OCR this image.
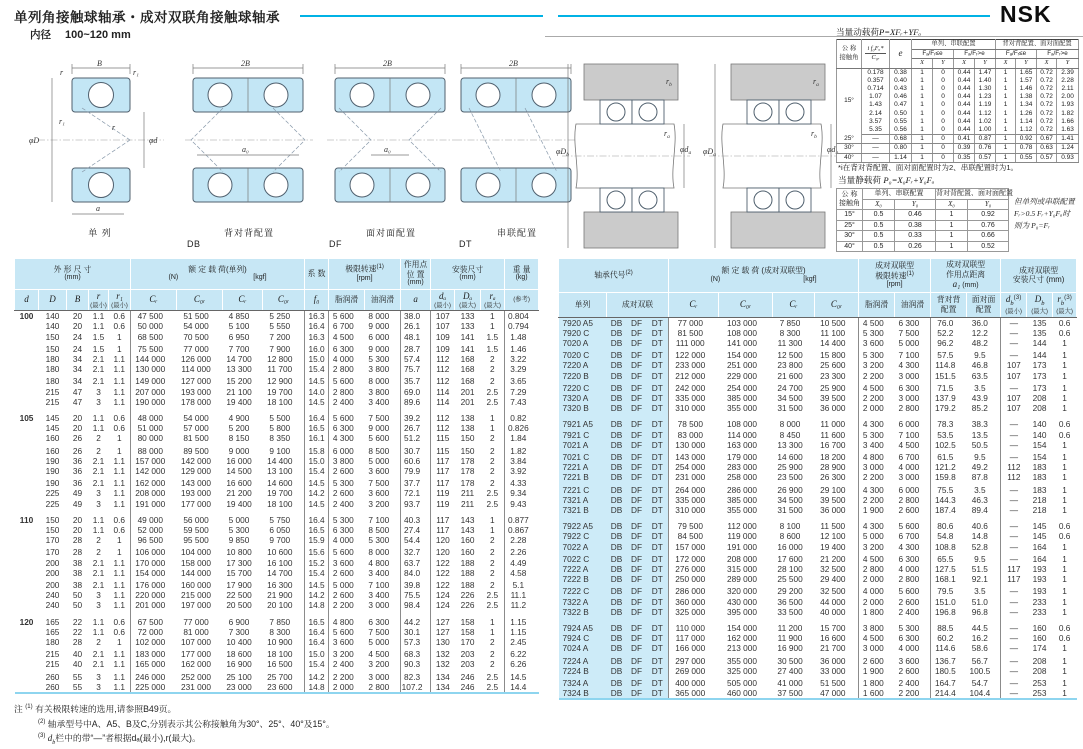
单列角接触球轴承・成对双联角接触球轴承	NSK
内径 100~120 mm
B
r	r₁
r₁
r
φD	φd
a
2B
a₀
2B
a₀
2B
单 列	背对背配置
DB
面对面配置
DF
串联配置
DT
$\varphi D_b$
$\varphi d_a$
$r_b$
$r_a$
$\varphi D_a$
$\varphi d_b$
$r_a$
$r_b$
当量动载荷P=XFᵣ+YFₐ
公 称
接触角	$\frac{\text{i f₀Fₐ*}}{\text{C₀ᵣ}}$	e	单列、串联配置	背对背配置、面对面配置
			Fₐ/Fᵣ≤e		Fₐ/Fᵣ>e		Fₐ/Fᵣ≤e		Fₐ/Fᵣ>e	
			X	Y	X	Y	X	Y	X	Y
15°	0.178	0.38	1	0	0.44	1.47	1	1.65	0.72	2.39
	0.357	0.40	1	0	0.44	1.40	1	1.57	0.72	2.28
	0.714	0.43	1	0	0.44	1.30	1	1.46	0.72	2.11
	1.07	0.46	1	0	0.44	1.23	1	1.38	0.72	2.00
	1.43	0.47	1	0	0.44	1.19	1	1.34	0.72	1.93
	2.14	0.50	1	0	0.44	1.12	1	1.26	0.72	1.82
	3.57	0.55	1	0	0.44	1.02	1	1.14	0.72	1.66
	5.35	0.56	1	0	0.44	1.00	1	1.12	0.72	1.63
25°	—	0.68	1	0	0.41	0.87	1	0.92	0.67	1.41
30°	—	0.80	1	0	0.39	0.76	1	0.78	0.63	1.24
40°	—	1.14	1	0	0.35	0.57	1	0.55	0.57	0.93
*i在背对背配置、面对面配置时为2、串联配置时为1。
当量静载荷 P₀=X₀Fᵣ+Y₀Fₐ
公 称
接触角	单列、串联配置		背对背配置、面对面配置	
	X₀	Y₀	X₀	Y₀
15°	0.5	0.46	1	0.92
25°	0.5	0.38	1	0.76
30°	0.5	0.33	1	0.66
40°	0.5	0.26	1	0.52
但单列或串联配置
Fᵣ>0.5 Fᵣ+Y₀Fₐ时
则为 P₀=Fᵣ
外 形 尺 寸
(mm)

额 定 载 荷(单列)
(N)	[kgf]	系 数	极限转速$^{(1)}$
[rpm]

作用点
位 置
(mm)

安装尺寸
(mm)

重 量
(kg)

d	D	B	r
(最小)	r₁
(最小)	Cᵣ	C₀ᵣ	Cᵣ	C₀ᵣ	f₀	脂润滑	油润滑	a	dₐ
(最小)	Dₐ
(最大)	rₐ
(最大)	(参考)

100	140	20	1.1	0.6	47 500	51 500	4 850	5 250	16.3	5 600	8 000	38.0	107	133	1	0.804
	140	20	1.1	0.6	50 000	54 000	5 100	5 550	16.4	6 700	9 000	26.1	107	133	1	0.794
	150	24	1.5	1	68 500	70 500	6 950	7 200	16.3	4 500	6 000	48.1	109	141	1.5	1.48
	150	24	1.5	1	75 500	77 000	7 700	7 900	16.0	6 300	9 000	28.7	109	141	1.5	1.46
	180	34	2.1	1.1	144 000	126 000	14 700	12 800	15.0	4 000	5 300	57.4	112	168	2	3.22
	180	34	2.1	1.1	130 000	114 000	13 300	11 700	15.4	2 800	3 800	75.7	112	168	2	3.29
	180	34	2.1	1.1	149 000	127 000	15 200	12 900	14.5	5 600	8 000	35.7	112	168	2	3.65
	215	47	3	1.1	207 000	193 000	21 100	19 700	14.0	2 800	3 800	69.0	114	201	2.5	7.29
	215	47	3	1.1	190 000	178 000	19 400	18 100	14.5	2 400	3 400	89.6	114	201	2.5	7.43
105	145	20	1.1	0.6	48 000	54 000	4 900	5 500	16.4	5 600	7 500	39.2	112	138	1	0.82
	145	20	1.1	0.6	51 000	57 000	5 200	5 800	16.5	6 300	9 000	26.7	112	138	1	0.826
	160	26	2	1	80 000	81 500	8 150	8 350	16.1	4 300	5 600	51.2	115	150	2	1.84
	160	26	2	1	88 000	89 500	9 000	9 100	15.8	6 000	8 500	30.7	115	150	2	1.82
	190	36	2.1	1.1	157 000	142 000	16 000	14 400	15.0	3 800	5 000	60.6	117	178	2	3.84
	190	36	2.1	1.1	142 000	129 000	14 500	13 100	15.4	2 600	3 600	79.9	117	178	2	3.92
	190	36	2.1	1.1	162 000	143 000	16 600	14 600	14.5	5 300	7 500	37.7	117	178	2	4.33
	225	49	3	1.1	208 000	193 000	21 200	19 700	14.2	2 600	3 600	72.1	119	211	2.5	9.34
	225	49	3	1.1	191 000	177 000	19 400	18 100	14.5	2 400	3 200	93.7	119	211	2.5	9.43
110	150	20	1.1	0.6	49 000	56 000	5 000	5 750	16.4	5 300	7 100	40.3	117	143	1	0.877
	150	20	1.1	0.6	52 000	59 500	5 300	6 050	16.5	6 300	8 500	27.4	117	143	1	0.867
	170	28	2	1	96 500	95 500	9 850	9 700	15.9	4 000	5 300	54.4	120	160	2	2.28
	170	28	2	1	106 000	104 000	10 800	10 600	15.6	5 600	8 000	32.7	120	160	2	2.26
	200	38	2.1	1.1	170 000	158 000	17 300	16 100	15.2	3 600	4 800	63.7	122	188	2	4.49
	200	38	2.1	1.1	154 000	144 000	15 700	14 700	15.4	2 600	3 400	84.0	122	188	2	4.58
	200	38	2.1	1.1	176 000	160 000	17 900	16 300	14.5	5 000	7 100	39.8	122	188	2	5.1
	240	50	3	1.1	220 000	215 000	22 500	21 900	14.2	2 600	3 400	75.5	124	226	2.5	11.1
	240	50	3	1.1	201 000	197 000	20 500	20 100	14.8	2 200	3 000	98.4	124	226	2.5	11.2
120	165	22	1.1	0.6	67 500	77 000	6 900	7 850	16.5	4 800	6 300	44.2	127	158	1	1.15
	165	22	1.1	0.6	72 000	81 000	7 300	8 300	16.4	5 600	7 500	30.1	127	158	1	1.15
	180	28	2	1	102 000	107 000	10 400	10 900	16.4	3 600	5 000	57.3	130	170	2	2.45
	215	40	2.1	1.1	183 000	177 000	18 600	18 100	15.0	3 200	4 500	68.3	132	203	2	6.22
	215	40	2.1	1.1	165 000	162 000	16 900	16 500	15.4	2 400	3 200	90.3	132	203	2	6.26
	260	55	3	1.1	246 000	252 000	25 100	25 700	14.2	2 200	3 000	82.3	134	246	2.5	14.5
	260	55	3	1.1	225 000	231 000	23 000	23 600	14.8	2 000	2 800	107.2	134	246	2.5	14.4
轴承代号$^{(2)}$	额 定 载 荷 (成对双联型)
(N)	[kgf]

成对双联型
极限转速$^{(1)}$
[rpm]

成对双联型
作用点距离
a₁ (mm)

成对双联型
安装尺寸 (mm)

单列	成对双联	Cᵣ	C₀ᵣ	Cᵣ	C₀ᵣ	脂润滑	油润滑	
背对背
配置

面对面
配置
	$d_b^{(3)}$
(最小)
	$D_b$
(最大)
	$r_b^{(3)}$
(最大)

7920 A5	DB	DF	DT	77 000	103 000	7 850	10 500	4 500	6 300	76.0	36.0	—	135	0.6
7920 C	DB	DF	DT	81 500	108 000	8 300	11 100	5 300	7 500	52.2	12.2	—	135	0.6
7020 A	DB	DF	DT	111 000	141 000	11 300	14 400	3 600	5 000	96.2	48.2	—	144	1
7020 C	DB	DF	DT	122 000	154 000	12 500	15 800	5 300	7 100	57.5	9.5	—	144	1
7220 A	DB	DF	DT	233 000	251 000	23 800	25 600	3 200	4 300	114.8	46.8	107	173	1
7220 B	DB	DF	DT	212 000	229 000	21 600	23 300	2 200	3 000	151.5	63.5	107	173	1
7220 C	DB	DF	DT	242 000	254 000	24 700	25 900	4 500	6 300	71.5	3.5	—	173	1
7320 A	DB	DF	DT	335 000	385 000	34 500	39 500	2 200	3 000	137.9	43.9	107	208	1
7320 B	DB	DF	DT	310 000	355 000	31 500	36 000	2 000	2 800	179.2	85.2	107	208	1
7921 A5	DB	DF	DT	78 500	108 000	8 000	11 000	4 300	6 000	78.3	38.3	—	140	0.6
7921 C	DB	DF	DT	83 000	114 000	8 450	11 600	5 300	7 100	53.5	13.5	—	140	0.6
7021 A	DB	DF	DT	130 000	163 000	13 300	16 700	3 400	4 500	102.5	50.5	—	154	1
7021 C	DB	DF	DT	143 000	179 000	14 600	18 200	4 800	6 700	61.5	9.5	—	154	1
7221 A	DB	DF	DT	254 000	283 000	25 900	28 900	3 000	4 000	121.2	49.2	112	183	1
7221 B	DB	DF	DT	231 000	258 000	23 500	26 300	2 200	3 000	159.8	87.8	112	183	1
7221 C	DB	DF	DT	264 000	286 000	26 900	29 100	4 300	6 000	75.5	3.5	—	183	1
7321 A	DB	DF	DT	335 000	385 000	34 500	39 500	2 200	2 800	144.3	46.3	—	218	1
7321 B	DB	DF	DT	310 000	355 000	31 500	36 000	1 900	2 600	187.4	89.4	—	218	1
7922 A5	DB	DF	DT	79 500	112 000	8 100	11 500	4 300	5 600	80.6	40.6	—	145	0.6
7922 C	DB	DF	DT	84 500	119 000	8 600	12 100	5 000	6 700	54.8	14.8	—	145	0.6
7022 A	DB	DF	DT	157 000	191 000	16 000	19 400	3 200	4 300	108.8	52.8	—	164	1
7022 C	DB	DF	DT	172 000	208 000	17 600	21 200	4 500	6 300	65.5	9.5	—	164	1
7222 A	DB	DF	DT	276 000	315 000	28 100	32 500	2 800	4 000	127.5	51.5	117	193	1
7222 B	DB	DF	DT	250 000	289 000	25 500	29 400	2 000	2 800	168.1	92.1	117	193	1
7222 C	DB	DF	DT	286 000	320 000	29 200	32 500	4 000	5 600	79.5	3.5	—	193	1
7322 A	DB	DF	DT	360 000	430 000	36 500	44 000	2 000	2 600	151.0	51.0	—	233	1
7322 B	DB	DF	DT	325 000	395 000	33 500	40 000	1 800	2 400	196.8	96.8	—	233	1
7924 A5	DB	DF	DT	110 000	154 000	11 200	15 700	3 800	5 300	88.5	44.5	—	160	0.6
7924 C	DB	DF	DT	117 000	162 000	11 900	16 600	4 500	6 300	60.2	16.2	—	160	0.6
7024 A	DB	DF	DT	166 000	213 000	16 900	21 700	3 000	4 000	114.6	58.6	—	174	1
7224 A	DB	DF	DT	297 000	355 000	30 500	36 000	2 600	3 600	136.7	56.7	—	208	1
7224 B	DB	DF	DT	269 000	325 000	27 400	33 000	1 900	2 600	180.5	100.5	—	208	1
7324 A	DB	DF	DT	400 000	505 000	41 000	51 500	1 800	2 400	164.7	54.7	—	253	1
7324 B	DB	DF	DT	365 000	460 000	37 500	47 000	1 600	2 200	214.4	104.4	—	253	1
注 $^{(1)}$ 有关极限转速的选用,请参照B49页。
$^{(2)}$ 轴承型号中A、A5、B及C,分别表示其公称接触角为30°、25°、40°及15°。
$^{(3)}$ $d_b$栏中的带“—”者根据dₐ(最小),r(最大)。
